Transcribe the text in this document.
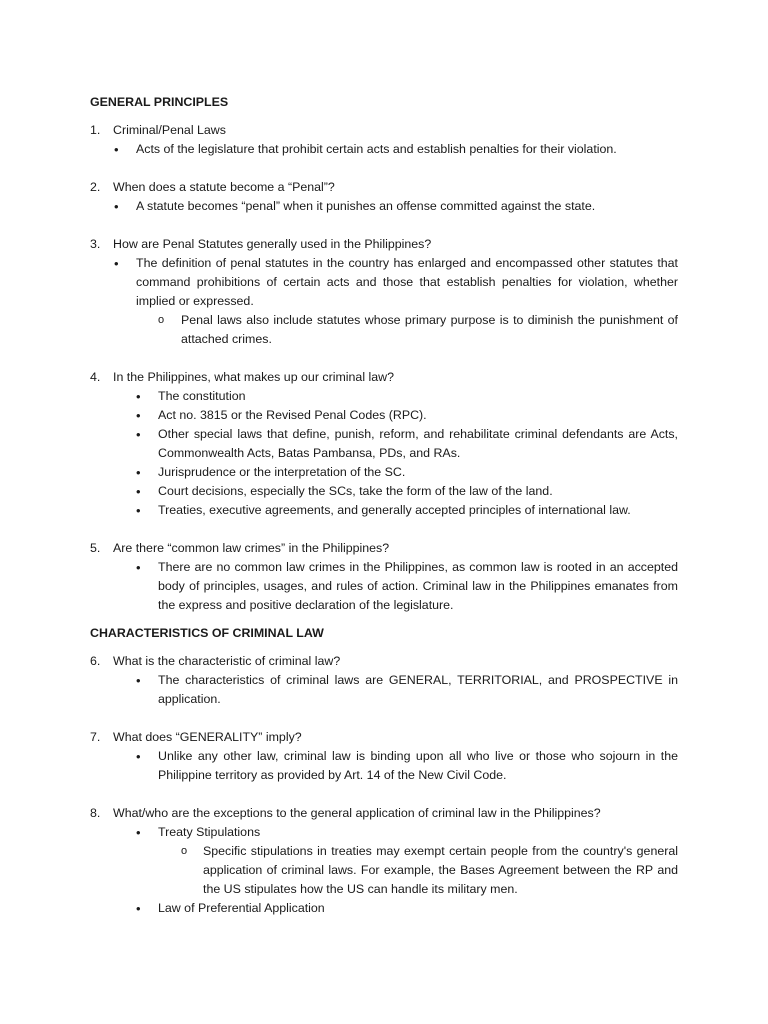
GENERAL PRINCIPLES

1. Criminal/Penal Laws
• Acts of the legislature that prohibit certain acts and establish penalties for their violation.
2. When does a statute become a “Penal”?
• A statute becomes “penal” when it punishes an offense committed against the state.
3. How are Penal Statutes generally used in the Philippines?
• The definition of penal statutes in the country has enlarged and encompassed other statutes that command prohibitions of certain acts and those that establish penalties for violation, whether implied or expressed.
o Penal laws also include statutes whose primary purpose is to diminish the punishment of attached crimes.
4. In the Philippines, what makes up our criminal law?
• The constitution
• Act no. 3815 or the Revised Penal Codes (RPC).
• Other special laws that define, punish, reform, and rehabilitate criminal defendants are Acts, Commonwealth Acts, Batas Pambansa, PDs, and RAs.
• Jurisprudence or the interpretation of the SC.
• Court decisions, especially the SCs, take the form of the law of the land.
• Treaties, executive agreements, and generally accepted principles of international law.
5. Are there “common law crimes” in the Philippines?
• There are no common law crimes in the Philippines, as common law is rooted in an accepted body of principles, usages, and rules of action. Criminal law in the Philippines emanates from the express and positive declaration of the legislature.

CHARACTERISTICS OF CRIMINAL LAW

6. What is the characteristic of criminal law?
• The characteristics of criminal laws are GENERAL, TERRITORIAL, and PROSPECTIVE in application.
7. What does “GENERALITY” imply?
• Unlike any other law, criminal law is binding upon all who live or those who sojourn in the Philippine territory as provided by Art. 14 of the New Civil Code.
8. What/who are the exceptions to the general application of criminal law in the Philippines?
• Treaty Stipulations
o Specific stipulations in treaties may exempt certain people from the country's general application of criminal laws. For example, the Bases Agreement between the RP and the US stipulates how the US can handle its military men.
• Law of Preferential Application
